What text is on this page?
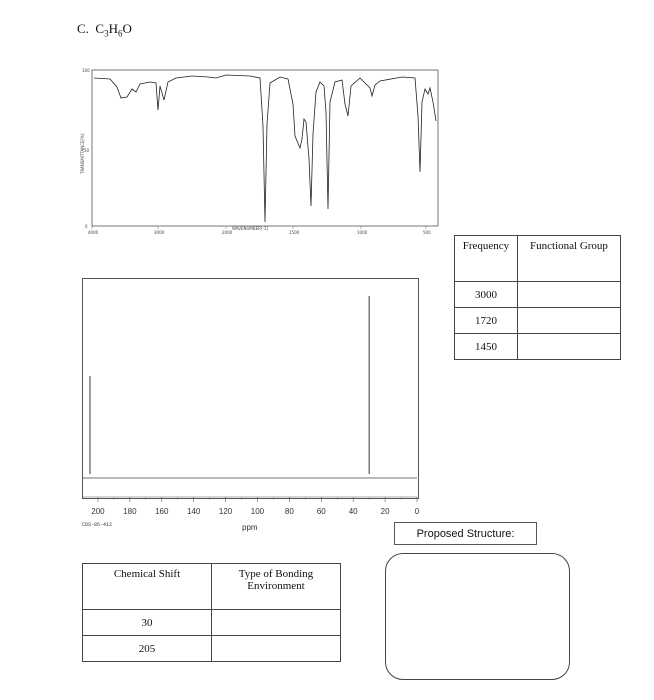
C. $C_3H_6O$
100
50
0
TRANSMITTANCE[%]
4000	3000	2000	1500	1000	500
WAVENUMBER[-1]
200 180 160 140 120 100	80	60	40	20	0
ppm
CDS-05-412
Frequency	Functional Group
3000	
1720	
1450	
Chemical Shift	Type of Bonding Environment
30	
205	
Proposed Structure:
